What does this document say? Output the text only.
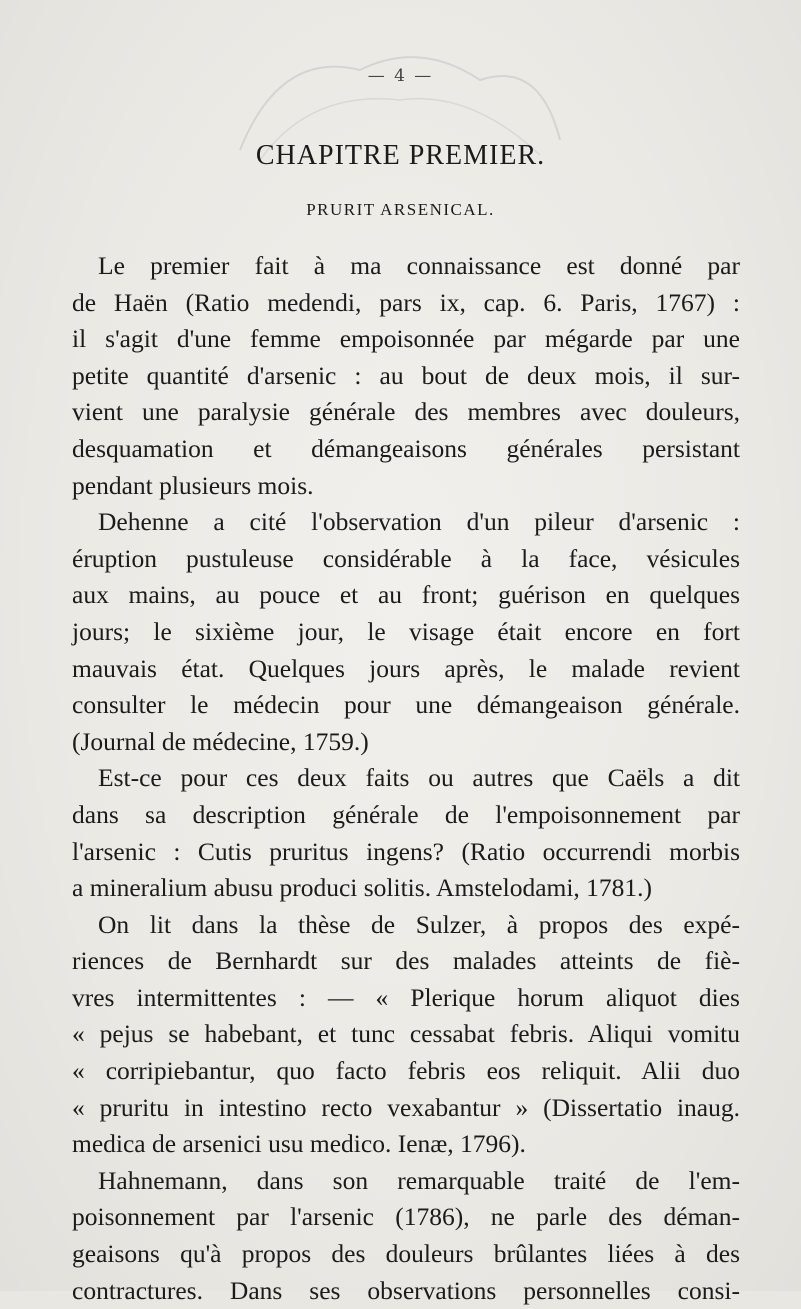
— 4 —
CHAPITRE PREMIER.
PRURIT ARSENICAL.
Le premier fait à ma connaissance est donné par
de Haën (Ratio medendi, pars ix, cap. 6. Paris, 1767) :
il s'agit d'une femme empoisonnée par mégarde par une
petite quantité d'arsenic : au bout de deux mois, il sur-
vient une paralysie générale des membres avec douleurs,
desquamation et démangeaisons générales persistant
pendant plusieurs mois.
Dehenne a cité l'observation d'un pileur d'arsenic :
éruption pustuleuse considérable à la face, vésicules
aux mains, au pouce et au front; guérison en quelques
jours; le sixième jour, le visage était encore en fort
mauvais état. Quelques jours après, le malade revient
consulter le médecin pour une démangeaison générale.
(Journal de médecine, 1759.)
Est-ce pour ces deux faits ou autres que Caëls a dit
dans sa description générale de l'empoisonnement par
l'arsenic : Cutis pruritus ingens? (Ratio occurrendi morbis
a mineralium abusu produci solitis. Amstelodami, 1781.)
On lit dans la thèse de Sulzer, à propos des expé-
riences de Bernhardt sur des malades atteints de fiè-
vres intermittentes : — « Plerique horum aliquot dies
« pejus se habebant, et tunc cessabat febris. Aliqui vomitu
« corripiebantur, quo facto febris eos reliquit. Alii duo
« pruritu in intestino recto vexabantur » (Dissertatio inaug.
medica de arsenici usu medico. Ienæ, 1796).
Hahnemann, dans son remarquable traité de l'em-
poisonnement par l'arsenic (1786), ne parle des déman-
geaisons qu'à propos des douleurs brûlantes liées à des
contractures. Dans ses observations personnelles consi-
